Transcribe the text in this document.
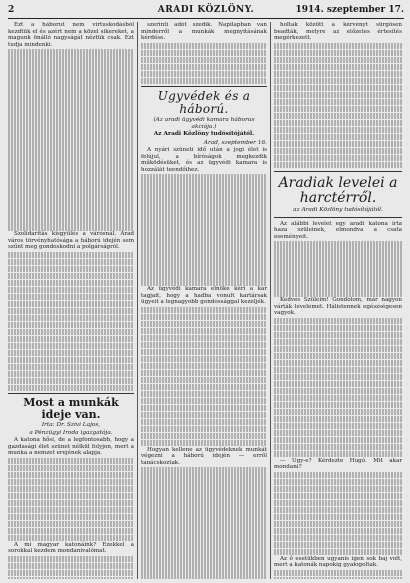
2	ARADI KÖZLÖNY.	1914. szeptember 17.

Ezt a háborut nem virtuskodásból kezdtük el és azért nem a közel sikereket, a magunk önálló nagyságát néztük csak. Ezt tudja mindenki.

Szolidaritás kisgyűlés a városnál. Arad város törvényhatósága a háború idején sem szűnt meg gondoskodni a polgárságról.

Most a munkák ideje van.

Irta: Dr. Szivi Lajos,

a Pénzügyi Iroda igazgatója.

A katona hősi, de a legfontosabb, hogy a gazdasági élet szünet nélkül folyjon, mert a munka a nemzet erejének alapja.

A mi magyar katonáink? Ezekkel a sorokkal kezdem mondanivalómat.

szerinti adót szedik. Napilapban van minderről a munkák megnyitásának kérdése.

Ugyvédek és a háború.

(Az aradi ügyvédi kamara háborus akciója.)

Az Aradi Közlöny tudósítójától.

Arad, szeptember 16.

A nyári szüneti idő után a jogi élet is felújul, a bíróságok megkezdik működésüket, és az ügyvédi kamara is hozzálát teendőihez.

Az ügyvédi kamara elnöke kéri a kar tagjait, hogy a hadba vonult kartársak ügyeit a legnagyobb gondossággal kezeljék.

Hogyan kellene az ügyvédeknek munkát végezni a háború idején — erről tanácskoztak.

holtak között a kérvényt sürgősen beadták, melyre az előzetes értesítés megérkezett.

Aradiak levelei a harctérről.

az Aradi Közlöny tudósítójától.

Az alábbi levelet egy aradi katona írta haza szüleinek, elmondva a csata eseményeit.

Kedves Szüleim! Gondolom, már nagyon várták levelemet. Hálistennek egészségesen vagyok.

— Ugy-e? Kérdezte Hugó. Mit akar mondani?

Az ő esetükben ugyanis igen sok baj volt, mert a katonák napokig gyalogoltak.
